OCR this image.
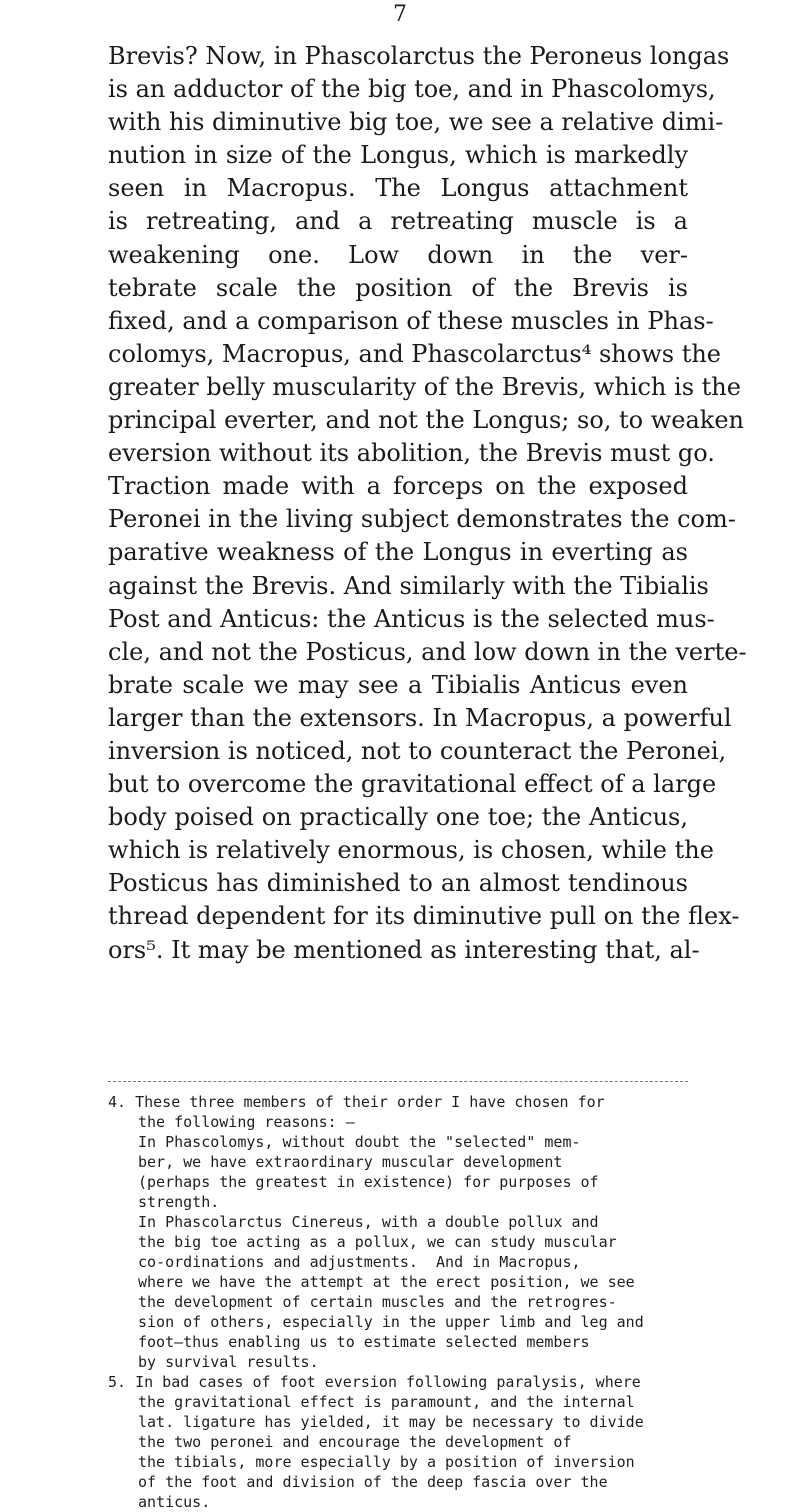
7
Brevis? Now, in Phascolarctus the Peroneus longas
is an adductor of the big toe, and in Phascolomys,
with his diminutive big toe, we see a relative dimi-
nution in size of the Longus, which is markedly
seen in Macropus. The Longus attachment
is retreating, and a retreating muscle is a
weakening one. Low down in the ver-
tebrate scale the position of the Brevis is
fixed, and a comparison of these muscles in Phas-
colomys, Macropus, and Phascolarctus⁴ shows the
greater belly muscularity of the Brevis, which is the
principal everter, and not the Longus; so, to weaken
eversion without its abolition, the Brevis must go.
Traction made with a forceps on the exposed
Peronei in the living subject demonstrates the com-
parative weakness of the Longus in everting as
against the Brevis. And similarly with the Tibialis
Post and Anticus: the Anticus is the selected mus-
cle, and not the Posticus, and low down in the verte-
brate scale we may see a Tibialis Anticus even
larger than the extensors. In Macropus, a powerful
inversion is noticed, not to counteract the Peronei,
but to overcome the gravitational effect of a large
body poised on practically one toe; the Anticus,
which is relatively enormous, is chosen, while the
Posticus has diminished to an almost tendinous
thread dependent for its diminutive pull on the flex-
ors⁵. It may be mentioned as interesting that, al-
4. These three members of their order I have chosen for
the following reasons: —
In Phascolomys, without doubt the "selected" mem-
ber, we have extraordinary muscular development
(perhaps the greatest in existence) for purposes of
strength.
In Phascolarctus Cinereus, with a double pollux and
the big toe acting as a pollux, we can study muscular
co-ordinations and adjustments.  And in Macropus,
where we have the attempt at the erect position, we see
the development of certain muscles and the retrogres-
sion of others, especially in the upper limb and leg and
foot—thus enabling us to estimate selected members
by survival results.
5. In bad cases of foot eversion following paralysis, where
the gravitational effect is paramount, and the internal
lat. ligature has yielded, it may be necessary to divide
the two peronei and encourage the development of
the tibials, more especially by a position of inversion
of the foot and division of the deep fascia over the
anticus.
